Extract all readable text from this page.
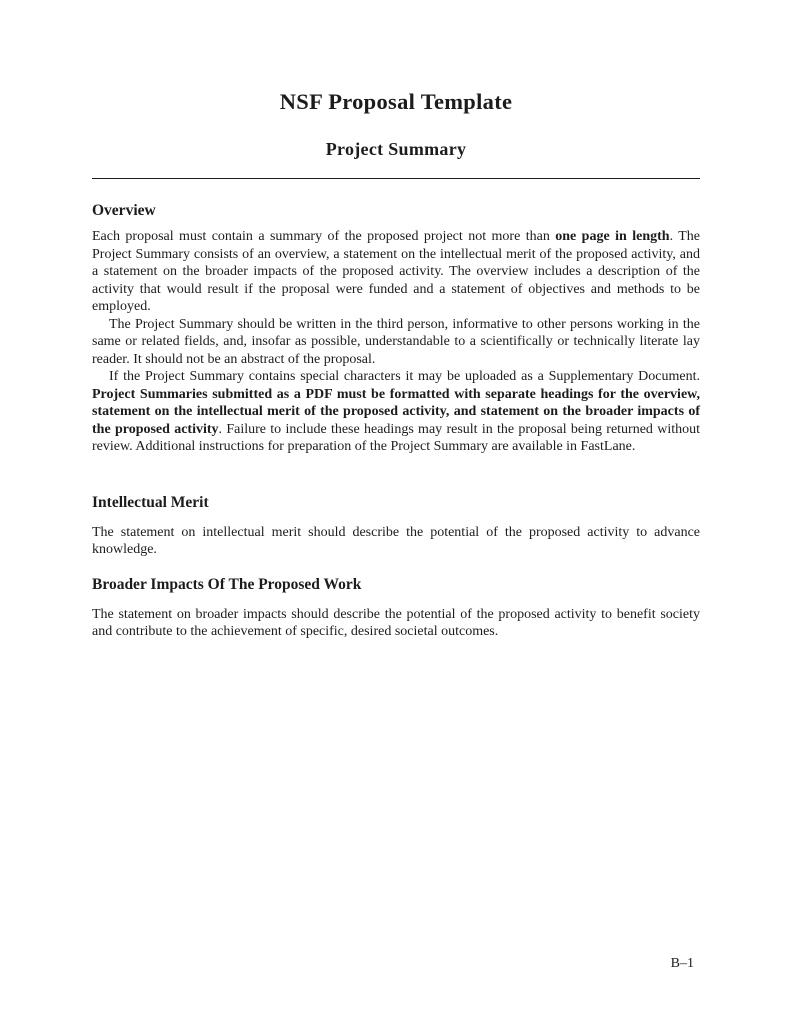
NSF Proposal Template
Project Summary
Overview

Each proposal must contain a summary of the proposed project not more than one page in length. The Project Summary consists of an overview, a statement on the intellectual merit of the proposed activity, and a statement on the broader impacts of the proposed activity. The overview includes a description of the activity that would result if the proposal were funded and a statement of objectives and methods to be employed.

The Project Summary should be written in the third person, informative to other persons working in the same or related fields, and, insofar as possible, understandable to a scientifically or technically literate lay reader. It should not be an abstract of the proposal.

If the Project Summary contains special characters it may be uploaded as a Supplementary Document. Project Summaries submitted as a PDF must be formatted with separate headings for the overview, statement on the intellectual merit of the proposed activity, and statement on the broader impacts of the proposed activity. Failure to include these headings may result in the proposal being returned without review. Additional instructions for preparation of the Project Summary are available in FastLane.

Intellectual Merit

The statement on intellectual merit should describe the potential of the proposed activity to advance knowledge.

Broader Impacts Of The Proposed Work

The statement on broader impacts should describe the potential of the proposed activity to benefit society and contribute to the achievement of specific, desired societal outcomes.

B–1
